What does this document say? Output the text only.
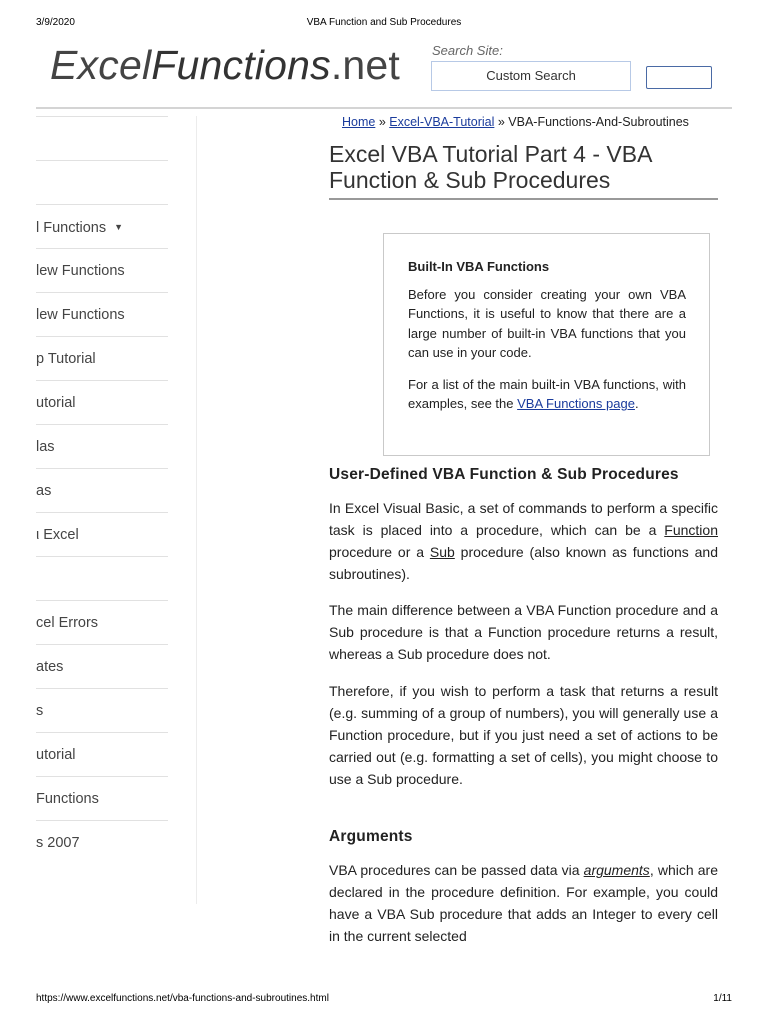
3/9/2020	VBA Function and Sub Procedures
ExcelFunctions.net Search Site:
Custom Search
l Functions ▼
lew Functions
lew Functions
p Tutorial
utorial
las
as
ι Excel
cel Errors
ates
s
utorial
Functions
s 2007
Home » Excel-VBA-Tutorial » VBA-Functions-And-Subroutines
Excel VBA Tutorial Part 4 - VBA Function & Sub Procedures
Built-In VBA Functions

Before you consider creating your own VBA Functions, it is useful to know that there are a large number of built-in VBA functions that you can use in your code.

For a list of the main built-in VBA functions, with examples, see the VBA Functions page.

User-Defined VBA Function & Sub Procedures

In Excel Visual Basic, a set of commands to perform a specific task is placed into a procedure, which can be a Function procedure or a Sub procedure (also known as functions and subroutines).

The main difference between a VBA Function procedure and a Sub procedure is that a Function procedure returns a result, whereas a Sub procedure does not.

Therefore, if you wish to perform a task that returns a result (e.g. summing of a group of numbers), you will generally use a Function procedure, but if you just need a set of actions to be carried out (e.g. formatting a set of cells), you might choose to use a Sub procedure.

Arguments

VBA procedures can be passed data via arguments, which are declared in the procedure definition. For example, you could have a VBA Sub procedure that adds an Integer to every cell in the current selected

https://www.excelfunctions.net/vba-functions-and-subroutines.html	1/11
